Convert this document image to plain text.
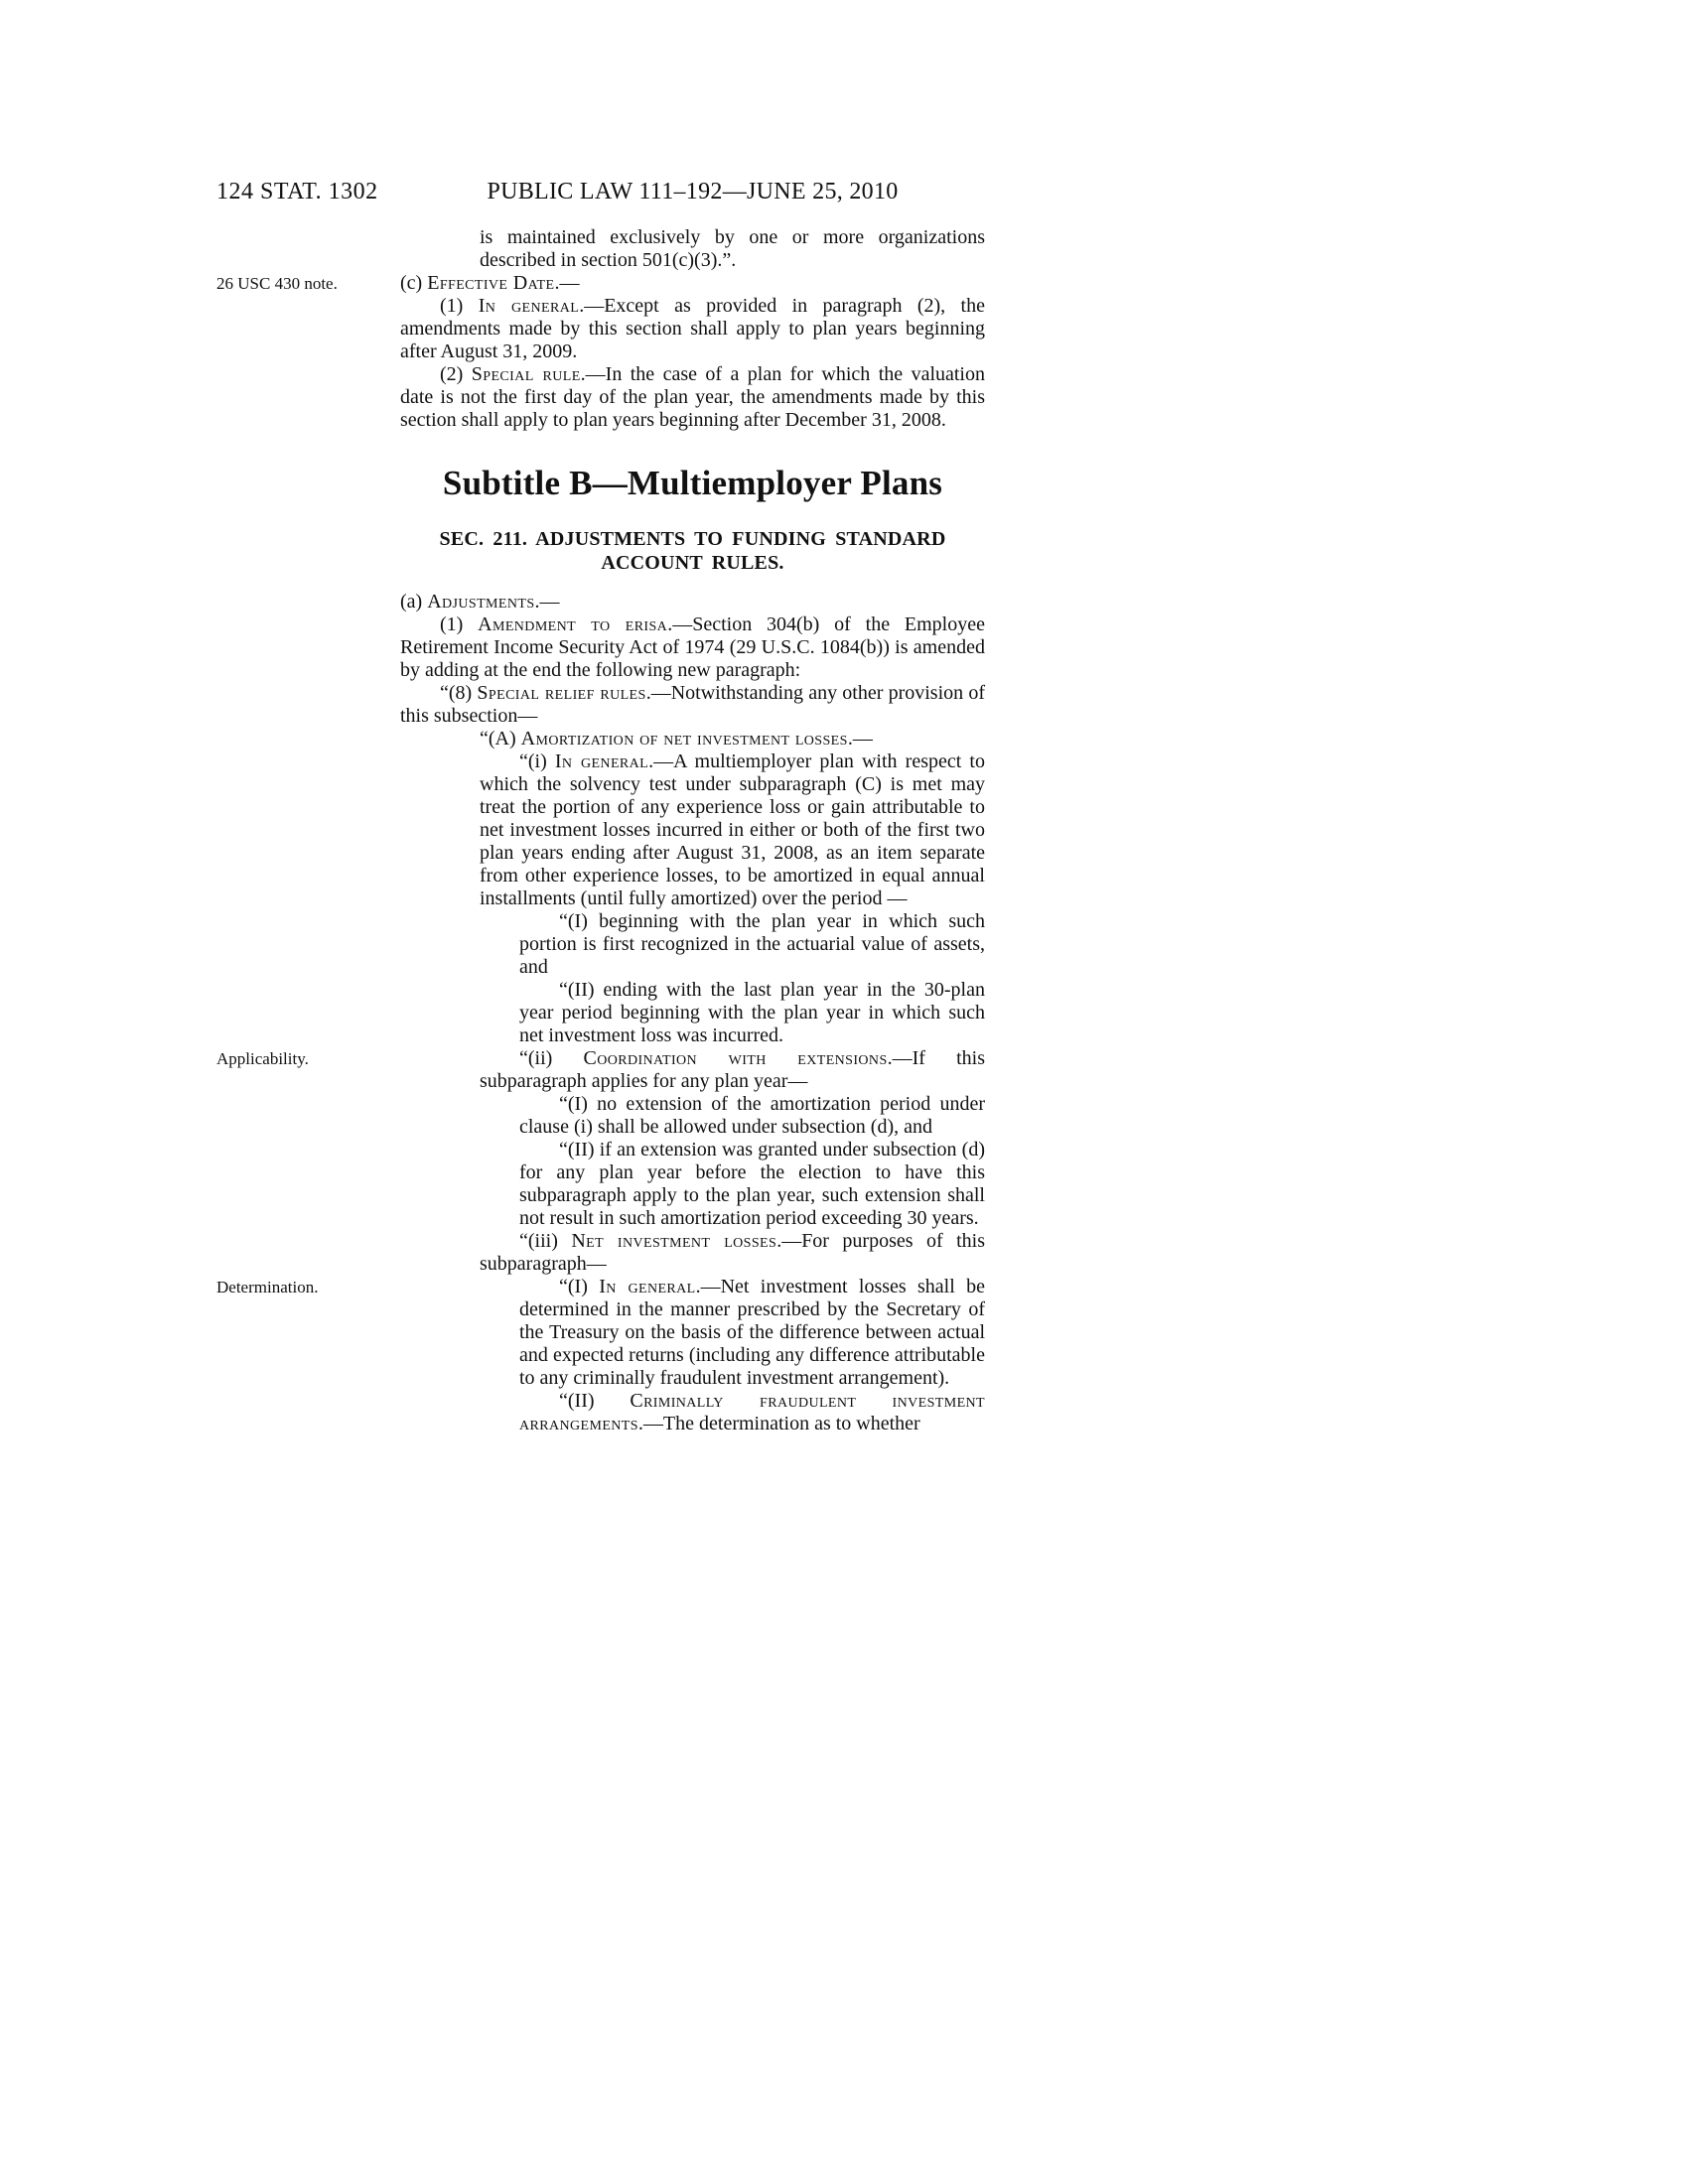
124 STAT. 1302	PUBLIC LAW 111–192—JUNE 25, 2010

is maintained exclusively by one or more organizations described in section 501(c)(3).”.

26 USC 430 note.	(c) Effective Date.—

(1) In general.—Except as provided in paragraph (2), the amendments made by this section shall apply to plan years beginning after August 31, 2009.

(2) Special rule.—In the case of a plan for which the valuation date is not the first day of the plan year, the amendments made by this section shall apply to plan years beginning after December 31, 2008.

Subtitle B—Multiemployer Plans
SEC. 211. ADJUSTMENTS TO FUNDING STANDARD ACCOUNT RULES.

(a) Adjustments.—

(1) Amendment to erisa.—Section 304(b) of the Employee Retirement Income Security Act of 1974 (29 U.S.C. 1084(b)) is amended by adding at the end the following new paragraph:

“(8) Special relief rules.—Notwithstanding any other provision of this subsection—

“(A) Amortization of net investment losses.—

“(i) In general.—A multiemployer plan with respect to which the solvency test under subparagraph (C) is met may treat the portion of any experience loss or gain attributable to net investment losses incurred in either or both of the first two plan years ending after August 31, 2008, as an item separate from other experience losses, to be amortized in equal annual installments (until fully amortized) over the period —

“(I) beginning with the plan year in which such portion is first recognized in the actuarial value of assets, and

“(II) ending with the last plan year in the 30-plan year period beginning with the plan year in which such net investment loss was incurred.

Applicability.	“(ii) Coordination with extensions.—If this subparagraph applies for any plan year—

“(I) no extension of the amortization period under clause (i) shall be allowed under subsection (d), and

“(II) if an extension was granted under subsection (d) for any plan year before the election to have this subparagraph apply to the plan year, such extension shall not result in such amortization period exceeding 30 years.

“(iii) Net investment losses.—For purposes of this subparagraph—

Determination.	“(I) In general.—Net investment losses shall be determined in the manner prescribed by the Secretary of the Treasury on the basis of the difference between actual and expected returns (including any difference attributable to any criminally fraudulent investment arrangement).

“(II) Criminally fraudulent investment arrangements.—The determination as to whether
